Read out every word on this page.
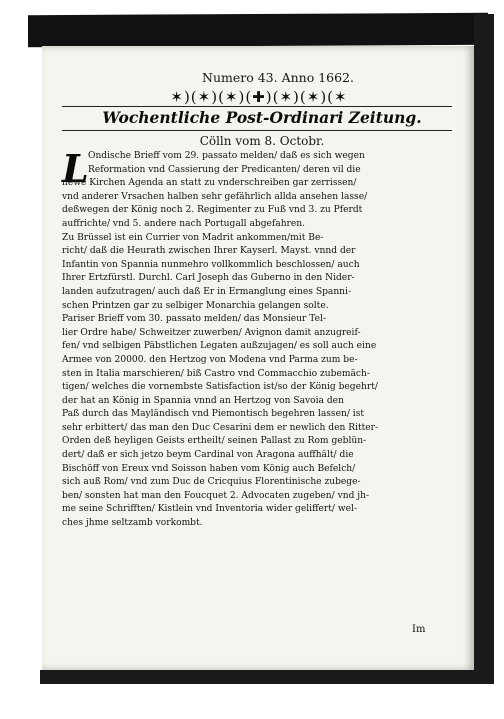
Numero 43. Anno 1662.
✶)(✶)(✶)(✚)(✶)(✶)(✶
Wochentliche Post-Ordinari Zeitung.
Cölln vom 8. Octobr.
L Ondische Brieff vom 29. passato melden/ daß es sich wegen
Reformation vnd Cassierung der Predicanten/ deren vil die
newe Kirchen Agenda an statt zu vnderschreiben gar zerrissen/
vnd anderer Vrsachen halben sehr gefährlich allda ansehen lasse/
deßwegen der König noch 2. Regimenter zu Fuß vnd 3. zu Pferdt
auffrichte/ vnd 5. andere nach Portugall abgefahren.
Zu Brüssel ist ein Currier von Madrit ankommen/mit Be-
richt/ daß die Heurath zwischen Ihrer Kayserl. Mayst. vnnd der
Infantin von Spannia nunmehro vollkommlich beschlossen/ auch
Ihrer Ertzfürstl. Durchl. Carl Joseph das Guberno in den Nider-
landen aufzutragen/ auch daß Er in Ermanglung eines Spanni-
schen Printzen gar zu selbiger Monarchia gelangen solte.
Pariser Brieff vom 30. passato melden/ das Monsieur Tel-
lier Ordre habe/ Schweitzer zuwerben/ Avignon damit anzugreif-
fen/ vnd selbigen Päbstlichen Legaten außzujagen/ es soll auch eine
Armee von 20000. den Hertzog von Modena vnd Parma zum be-
sten in Italia marschieren/ biß Castro vnd Commacchio zubemäch-
tigen/ welches die vornembste Satisfaction ist/so der König begehrt/
der hat an König in Spannia vnnd an Hertzog von Savoia den
Paß durch das Mayländisch vnd Piemontisch begehren lassen/ ist
sehr erbittert/ das man den Duc Cesarini dem er newlich den Ritter-
Orden deß heyligen Geists ertheilt/ seinen Pallast zu Rom geblün-
dert/ daß er sich jetzo beym Cardinal von Aragona auffhält/ die
Bischöff von Ereux vnd Soisson haben vom König auch Befelch/
sich auß Rom/ vnd zum Duc de Cricquius Florentinische zubege-
ben/ sonsten hat man den Foucquet 2. Advocaten zugeben/ vnd jh-
me seine Schrifften/ Kistlein vnd Inventoria wider geliffert/ wel-
ches jhme seltzamb vorkombt.
Im
